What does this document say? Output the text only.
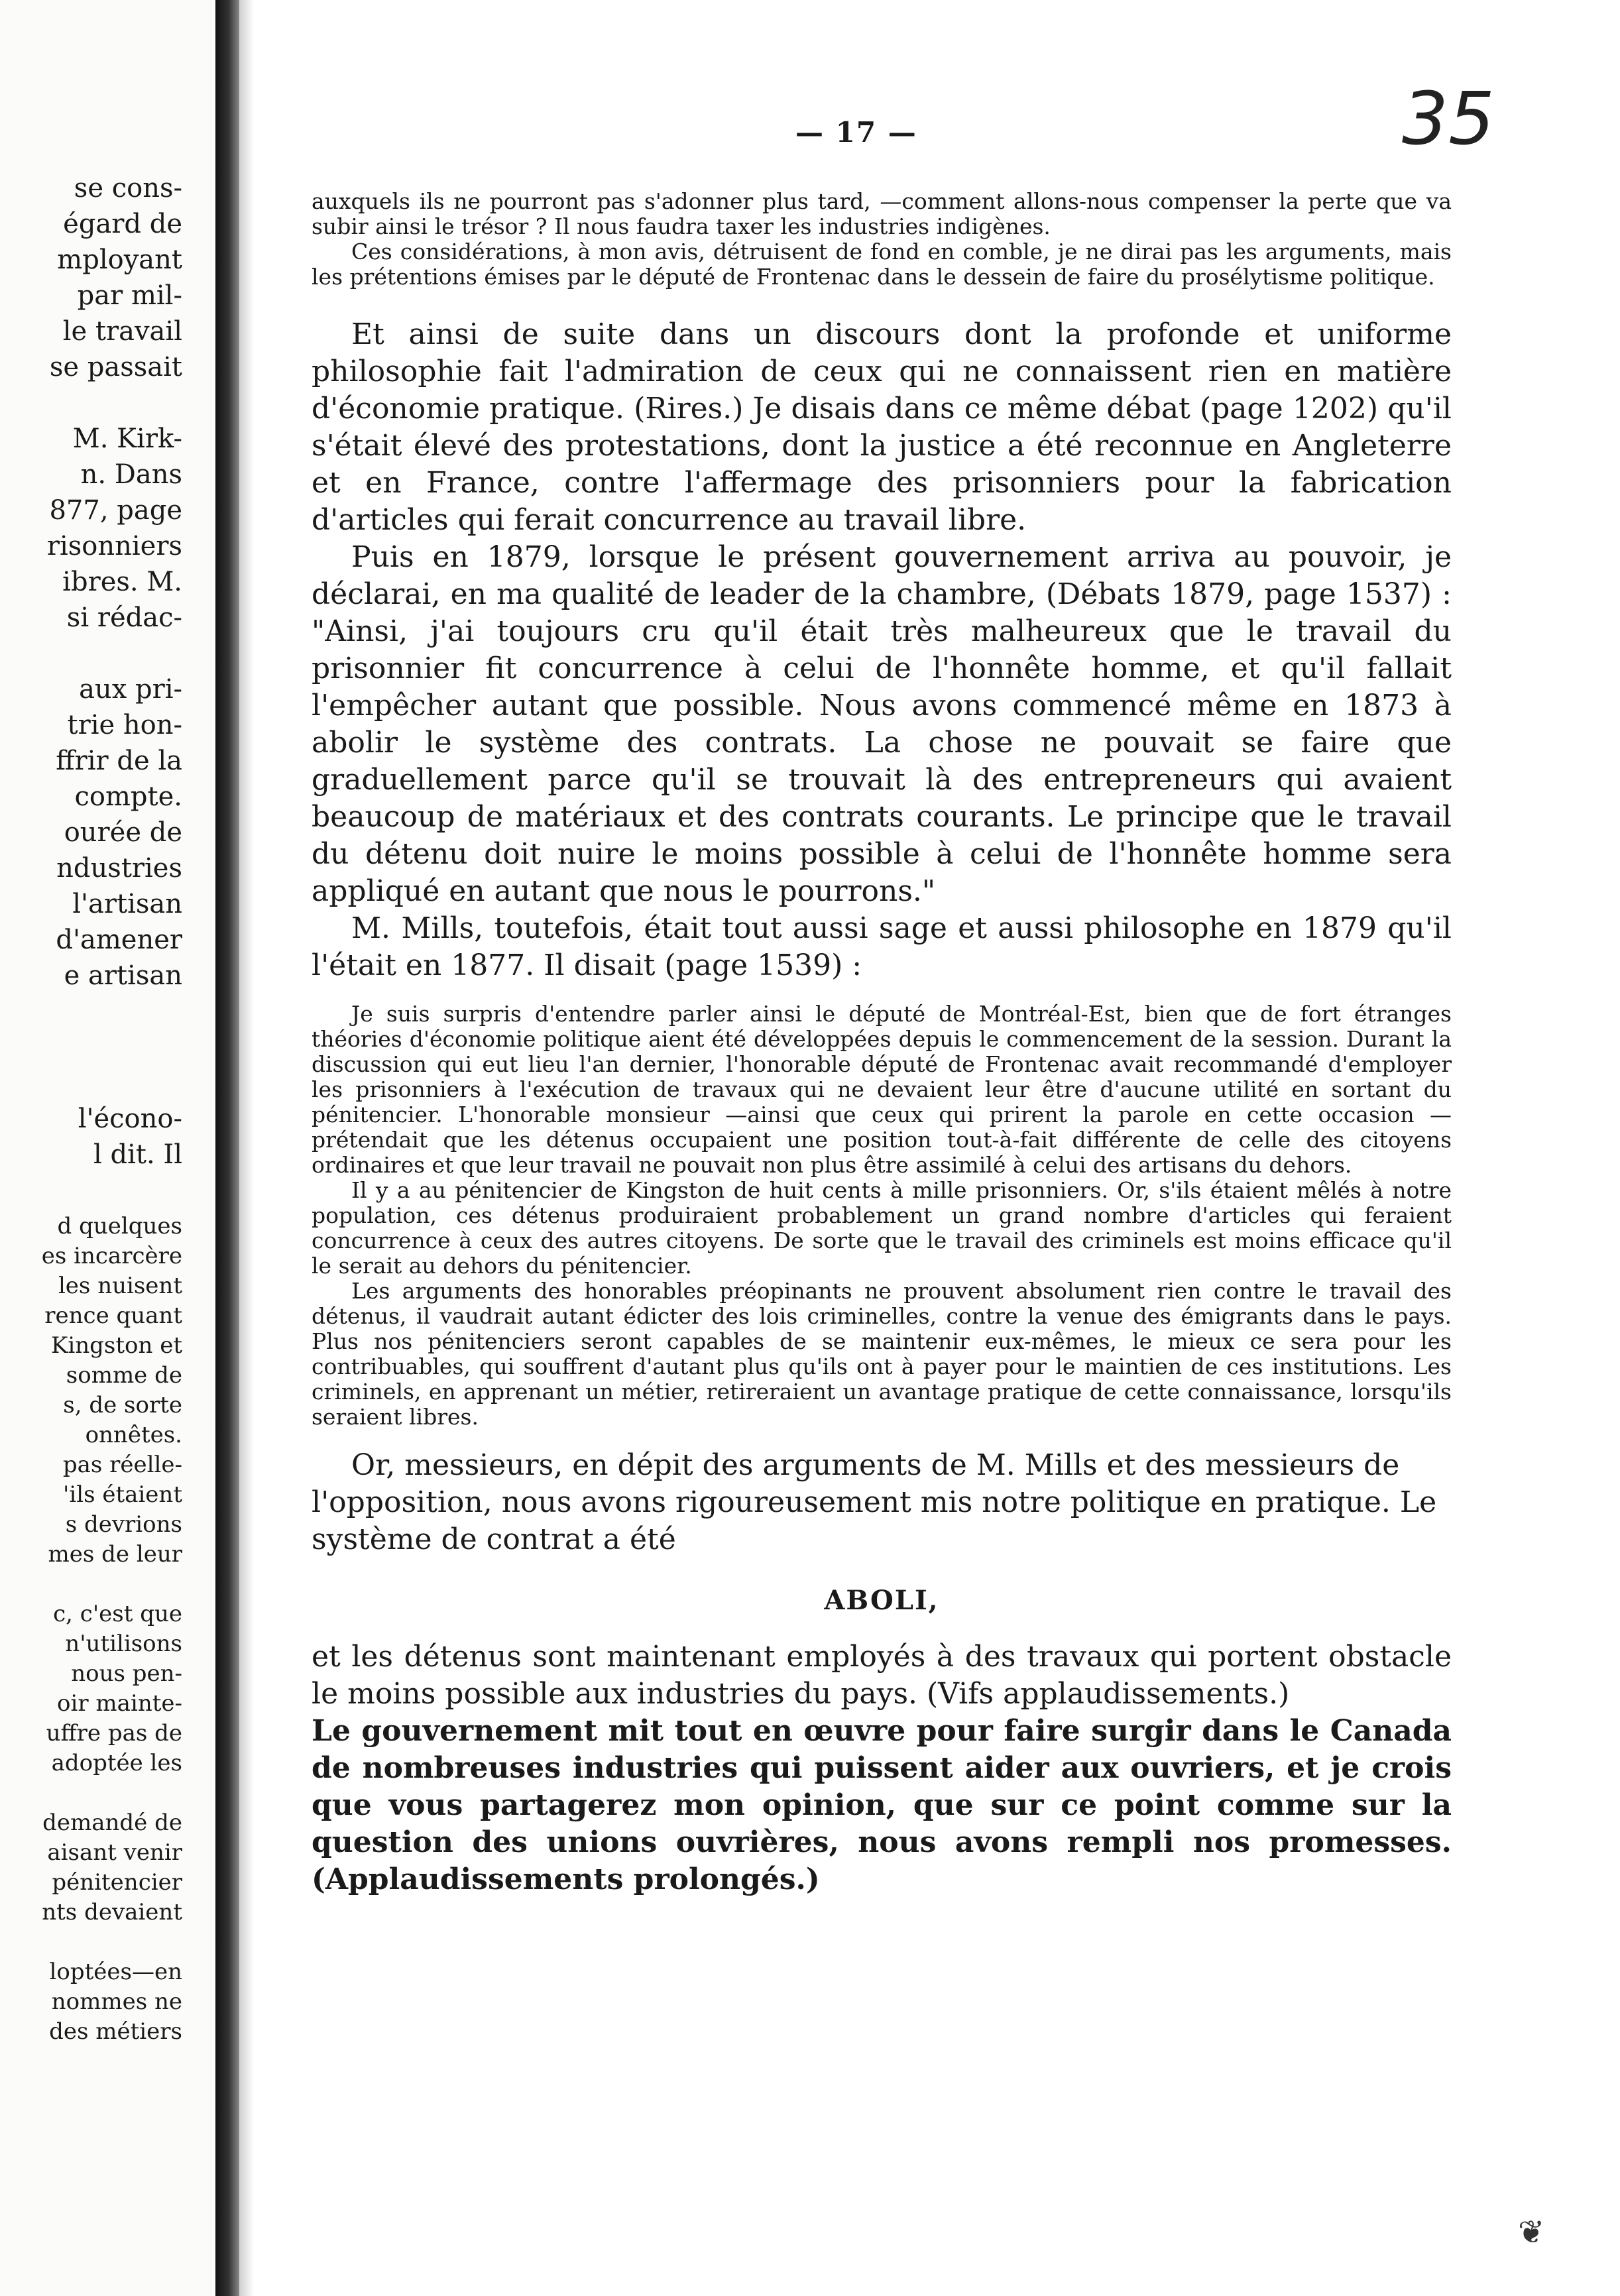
se cons-
égard de
mployant
par mil-
le travail
se passait
M. Kirk-
n. Dans
877, page
risonniers
ibres. M.
si rédac-
aux pri-
trie hon-
ffrir de la
compte.
ourée de
ndustries
l'artisan
d'amener
e artisan
l'écono-
l dit. Il
d quelques
es incarcère
les nuisent
rence quant
Kingston et
somme de
s, de sorte
onnêtes.
pas réelle-
'ils étaient
s devrions
mes de leur
c, c'est que
n'utilisons
nous pen-
oir mainte-
uffre pas de
adoptée les
demandé de
aisant venir
pénitencier
nts devaient
loptées—en
nommes ne
des métiers
— 17 —	35

auxquels ils ne pourront pas s'adonner plus tard, —comment allons-nous compenser la perte que va subir ainsi le trésor ? Il nous faudra taxer les industries indigènes.

Ces considérations, à mon avis, détruisent de fond en comble, je ne dirai pas les arguments, mais les prétentions émises par le député de Frontenac dans le dessein de faire du prosélytisme politique.

Et ainsi de suite dans un discours dont la profonde et uniforme philosophie fait l'admiration de ceux qui ne connaissent rien en matière d'économie pratique. (Rires.) Je disais dans ce même débat (page 1202) qu'il s'était élevé des protestations, dont la justice a été reconnue en Angleterre et en France, contre l'affermage des prisonniers pour la fabrication d'articles qui ferait concurrence au travail libre.

Puis en 1879, lorsque le présent gouvernement arriva au pouvoir, je déclarai, en ma qualité de leader de la chambre, (Débats 1879, page 1537) : "Ainsi, j'ai toujours cru qu'il était très malheureux que le travail du prisonnier fit concurrence à celui de l'honnête homme, et qu'il fallait l'empêcher autant que possible. Nous avons commencé même en 1873 à abolir le système des contrats. La chose ne pouvait se faire que graduellement parce qu'il se trouvait là des entrepreneurs qui avaient beaucoup de matériaux et des contrats courants. Le principe que le travail du détenu doit nuire le moins possible à celui de l'honnête homme sera appliqué en autant que nous le pourrons."

M. Mills, toutefois, était tout aussi sage et aussi philosophe en 1879 qu'il l'était en 1877. Il disait (page 1539) :

Je suis surpris d'entendre parler ainsi le député de Montréal-Est, bien que de fort étranges théories d'économie politique aient été développées depuis le commencement de la session. Durant la discussion qui eut lieu l'an dernier, l'honorable député de Frontenac avait recommandé d'employer les prisonniers à l'exécution de travaux qui ne devaient leur être d'aucune utilité en sortant du pénitencier. L'honorable monsieur —ainsi que ceux qui prirent la parole en cette occasion —prétendait que les détenus occupaient une position tout-à-fait différente de celle des citoyens ordinaires et que leur travail ne pouvait non plus être assimilé à celui des artisans du dehors.

Il y a au pénitencier de Kingston de huit cents à mille prisonniers. Or, s'ils étaient mêlés à notre population, ces détenus produiraient probablement un grand nombre d'articles qui feraient concurrence à ceux des autres citoyens. De sorte que le travail des criminels est moins efficace qu'il le serait au dehors du pénitencier.

Les arguments des honorables préopinants ne prouvent absolument rien contre le travail des détenus, il vaudrait autant édicter des lois criminelles, contre la venue des émigrants dans le pays. Plus nos pénitenciers seront capables de se maintenir eux-mêmes, le mieux ce sera pour les contribuables, qui souffrent d'autant plus qu'ils ont à payer pour le maintien de ces institutions. Les criminels, en apprenant un métier, retireraient un avantage pratique de cette connaissance, lorsqu'ils seraient libres.

Or, messieurs, en dépit des arguments de M. Mills et des messieurs de l'opposition, nous avons rigoureusement mis notre politique en pratique. Le système de contrat a été

ABOLI,

et les détenus sont maintenant employés à des travaux qui portent obstacle le moins possible aux industries du pays. (Vifs applaudissements.)

Le gouvernement mit tout en œuvre pour faire surgir dans le Canada de nombreuses industries qui puissent aider aux ouvriers, et je crois que vous partagerez mon opinion, que sur ce point comme sur la question des unions ouvrières, nous avons rempli nos promesses. (Applaudissements prolongés.)

❦
